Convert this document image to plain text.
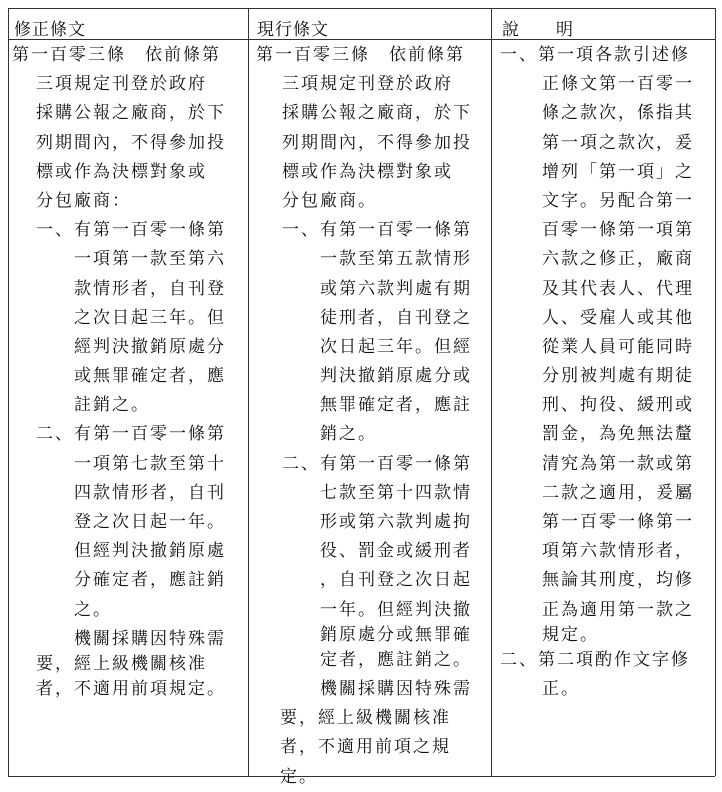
修正條文	現行條文	說　　明
第一百零三條　依前條第
三項規定刊登於政府
採購公報之廠商，於下
列期間內，不得參加投
標或作為決標對象或
分包廠商：
一、有第一百零一條第
一項第一款至第六
款情形者，自刊登
之次日起三年。但
經判決撤銷原處分
或無罪確定者，應
註銷之。
二、有第一百零一條第
一項第七款至第十
四款情形者，自刊
登之次日起一年。
但經判決撤銷原處
分確定者，應註銷
之。
機關採購因特殊需
要，經上級機關核准
者，不適用前項規定。
第一百零三條　依前條第
三項規定刊登於政府
採購公報之廠商，於下
列期間內，不得參加投
標或作為決標對象或
分包廠商。
一、有第一百零一條第
一款至第五款情形
或第六款判處有期
徒刑者，自刊登之
次日起三年。但經
判決撤銷原處分或
無罪確定者，應註
銷之。
二、有第一百零一條第
七款至第十四款情
形或第六款判處拘
役、罰金或緩刑者
，自刊登之次日起
一年。但經判決撤
銷原處分或無罪確
定者，應註銷之。
機關採購因特殊需
要，經上級機關核准
者，不適用前項之規
定。
一、第一項各款引述修
正條文第一百零一
條之款次，係指其
第一項之款次，爰
增列「第一項」之
文字。另配合第一
百零一條第一項第
六款之修正，廠商
及其代表人、代理
人、受雇人或其他
從業人員可能同時
分別被判處有期徒
刑、拘役、緩刑或
罰金，為免無法釐
清究為第一款或第
二款之適用，爰屬
第一百零一條第一
項第六款情形者，
無論其刑度，均修
正為適用第一款之
規定。
二、第二項酌作文字修
正。
